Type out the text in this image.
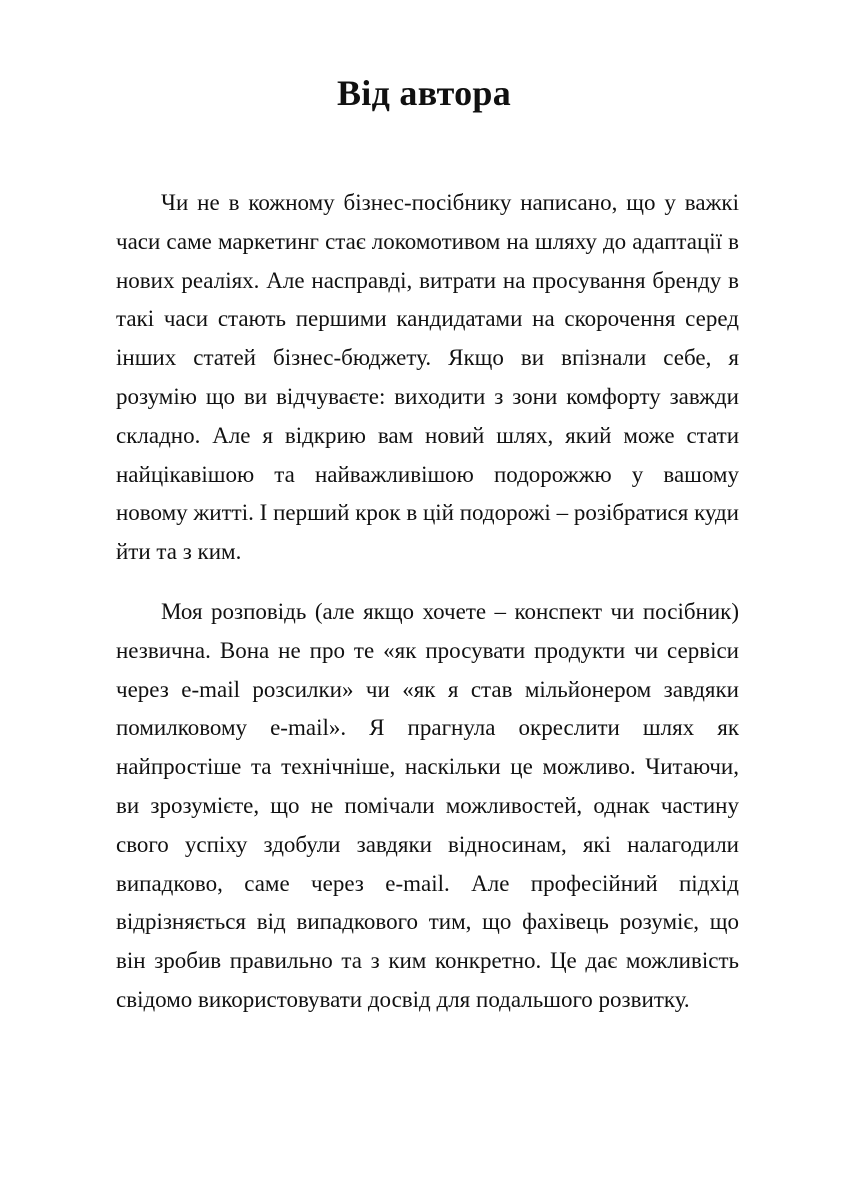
Від автора

Чи не в кожному бізнес-посібнику написано, що у важкі часи саме маркетинг стає локомотивом на шляху до адаптації в нових реаліях. Але насправді, витрати на просування бренду в такі часи стають першими кандидатами на скорочення серед інших статей бізнес-бюджету. Якщо ви впізнали себе, я розумію що ви відчуваєте: виходити з зони комфорту завжди складно. Але я відкрию вам новий шлях, який може стати найцікавішою та найважливішою подорожжю у вашому новому житті. І перший крок в цій подорожі – розібратися куди йти та з ким.

Моя розповідь (але якщо хочете – конспект чи посібник) незвична. Вона не про те «як просувати продукти чи сервіси через e-mail розсилки» чи «як я став мільйонером завдяки помилковому e-mail». Я прагнула окреслити шлях як найпростіше та технічніше, наскільки це можливо. Читаючи, ви зрозумієте, що не помічали можливостей, однак частину свого успіху здобули завдяки відносинам, які налагодили випадково, саме через e-mail. Але професійний підхід відрізняється від випадкового тим, що фахівець розуміє, що він зробив правильно та з ким конкретно. Це дає можливість свідомо використовувати досвід для подальшого розвитку.
